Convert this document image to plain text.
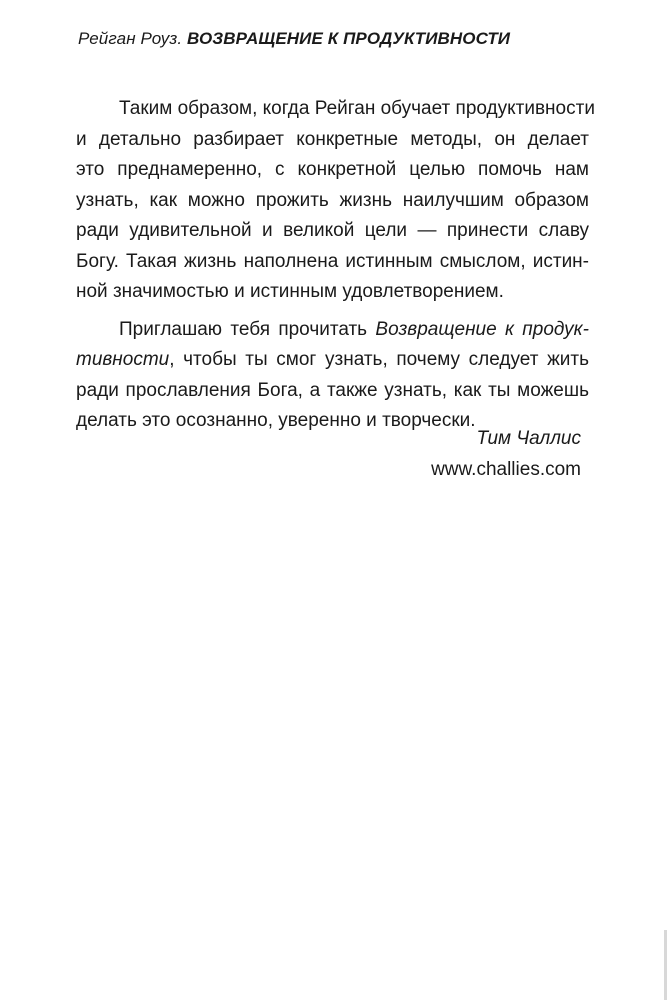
Рейган Роуз. ВОЗВРАЩЕНИЕ К ПРОДУКТИВНОСТИ
Таким образом, когда Рейган обучает продуктивности
и детально разбирает конкретные методы, он делает
это преднамеренно, с конкретной целью помочь нам
узнать, как можно прожить жизнь наилучшим образом
ради удивительной и великой цели — принести славу
Богу. Такая жизнь наполнена истинным смыслом, истин-
ной значимостью и истинным удовлетворением.
Приглашаю тебя прочитать Возвращение к продук-
тивности, чтобы ты смог узнать, почему следует жить
ради прославления Бога, а также узнать, как ты можешь
делать это осознанно, уверенно и творчески.
Тим Чаллис
www.challies.com
